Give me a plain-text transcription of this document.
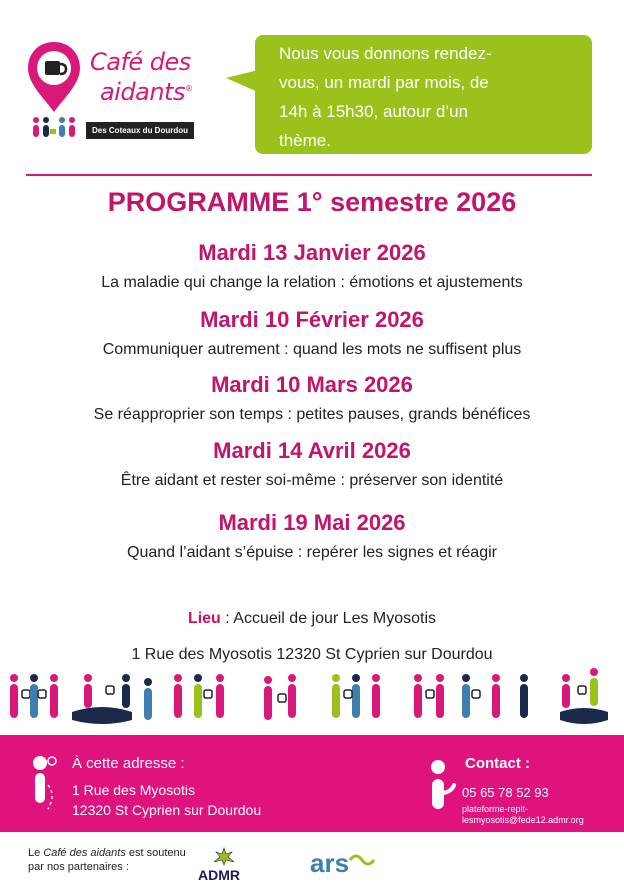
Café des
aidants®
Des Coteaux du Dourdou
Nous vous donnons rendez-
vous, un mardi par mois, de
14h à 15h30, autour d’un
thème.
PROGRAMME 1° semestre 2026
Mardi 13 Janvier 2026
La maladie qui change la relation : émotions et ajustements
Mardi 10 Février 2026
Communiquer autrement : quand les mots ne suffisent plus
Mardi 10 Mars 2026
Se réapproprier son temps : petites pauses, grands bénéfices
Mardi 14 Avril 2026
Être aidant et rester soi-même : préserver son identité
Mardi 19 Mai 2026
Quand l’aidant s’épuise : repérer les signes et réagir
Lieu : Accueil de jour Les Myosotis
1 Rue des Myosotis 12320 St Cyprien sur Dourdou
À cette adresse :
1 Rue des Myosotis
12320 St Cyprien sur Dourdou
Contact :
05 65 78 52 93
plateforme-repit-
lesmyosotis@fede12.admr.org
Le Café des aidants est soutenu
par nos partenaires :	ADMR	ars
